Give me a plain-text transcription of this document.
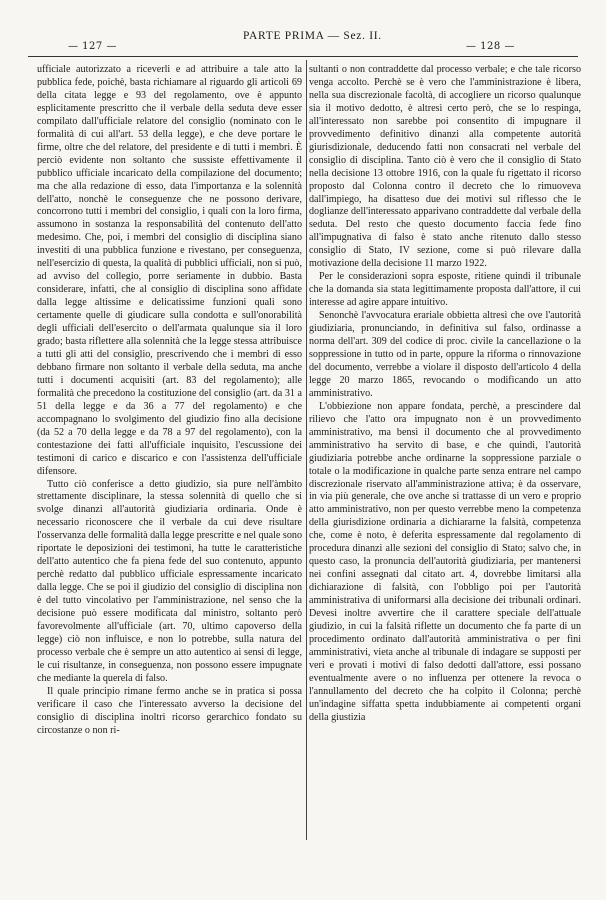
— 127 —
PARTE PRIMA — Sez. II.
— 128 —

ufficiale autorizzato a riceverli e ad attribuire a tale atto la pubblica fede, poichè, basta richiamare al riguardo gli articoli 69 della citata legge e 93 del regolamento, ove è appunto esplicitamente prescritto che il verbale della seduta deve esser compilato dall'ufficiale relatore del consiglio (nominato con le formalità di cui all'art. 53 della legge), e che deve portare le firme, oltre che del relatore, del presidente e di tutti i membri. È perciò evidente non soltanto che sussiste effettivamente il pubblico ufficiale incaricato della compilazione del documento; ma che alla redazione di esso, data l'importanza e la solennità dell'atto, nonchè le conseguenze che ne possono derivare, concorrono tutti i membri del consiglio, i quali con la loro firma, assumono in sostanza la responsabilità del contenuto dell'atto medesimo. Che, poi, i membri del consiglio di disciplina siano investiti di una pubblica funzione e rivestano, per conseguenza, nell'esercizio di questa, la qualità di pubblici ufficiali, non si può, ad avviso del collegio, porre seriamente in dubbio. Basta considerare, infatti, che al consiglio di disciplina sono affidate dalla legge altissime e delicatissime funzioni quali sono certamente quelle di giudicare sulla condotta e sull'onorabilità degli ufficiali dell'esercito o dell'armata qualunque sia il loro grado; basta riflettere alla solennità che la legge stessa attribuisce a tutti gli atti del consiglio, prescrivendo che i membri di esso debbano firmare non soltanto il verbale della seduta, ma anche tutti i documenti acquisiti (art. 83 del regolamento); alle formalità che precedono la costituzione del consiglio (art. da 31 a 51 della legge e da 36 a 77 del regolamento) e che accompagnano lo svolgimento del giudizio fino alla decisione (da 52 a 70 della legge e da 78 a 97 del regolamento), con la contestazione dei fatti all'ufficiale inquisito, l'escussione dei testimoni di carico e discarico e con l'assistenza dell'ufficiale difensore.

Tutto ciò conferisce a detto giudizio, sia pure nell'àmbito strettamente disciplinare, la stessa solennità di quello che si svolge dinanzi all'autorità giudiziaria ordinaria. Onde è necessario riconoscere che il verbale da cui deve risultare l'osservanza delle formalità dalla legge prescritte e nel quale sono riportate le deposizioni dei testimoni, ha tutte le caratteristiche dell'atto autentico che fa piena fede del suo contenuto, appunto perchè redatto dal pubblico ufficiale espressamente incaricato dalla legge. Che se poi il giudizio del consiglio di disciplina non è del tutto vincolativo per l'amministrazione, nel senso che la decisione può essere modificata dal ministro, soltanto però favorevolmente all'ufficiale (art. 70, ultimo capoverso della legge) ciò non influisce, e non lo potrebbe, sulla natura del processo verbale che è sempre un atto autentico ai sensi di legge, le cui risultanze, in conseguenza, non possono essere impugnate che mediante la querela di falso.

Il quale principio rimane fermo anche se in pratica si possa verificare il caso che l'interessato avverso la decisione del consiglio di disciplina inoltri ricorso gerarchico fondato su circostanze o non ri-

sultanti o non contraddette dal processo verbale; e che tale ricorso venga accolto. Perchè se è vero che l'amministrazione è libera, nella sua discrezionale facoltà, di accogliere un ricorso qualunque sia il motivo dedotto, è altresì certo però, che se lo respinga, all'interessato non sarebbe poi consentito di impugnare il provvedimento definitivo dinanzi alla competente autorità giurisdizionale, deducendo fatti non consacrati nel verbale del consiglio di disciplina. Tanto ciò è vero che il consiglio di Stato nella decisione 13 ottobre 1916, con la quale fu rigettato il ricorso proposto dal Colonna contro il decreto che lo rimuoveva dall'impiego, ha disatteso due dei motivi sul riflesso che le doglianze dell'interessato apparivano contraddette dal verbale della seduta. Del resto che questo documento faccia fede fino all'impugnativa di falso è stato anche ritenuto dallo stesso consiglio di Stato, IV sezione, come si può rilevare dalla motivazione della decisione 11 marzo 1922.

Per le considerazioni sopra esposte, ritiene quindi il tribunale che la domanda sia stata legittimamente proposta dall'attore, il cui interesse ad agire appare intuitivo.

Senonchè l'avvocatura erariale obbietta altresì che ove l'autorità giudiziaria, pronunciando, in definitiva sul falso, ordinasse a norma dell'art. 309 del codice di proc. civile la cancellazione o la soppressione in tutto od in parte, oppure la riforma o rinnovazione del documento, verrebbe a violare il disposto dell'articolo 4 della legge 20 marzo 1865, revocando o modificando un atto amministrativo.

L'obbiezione non appare fondata, perchè, a prescindere dal rilievo che l'atto ora impugnato non è un provvedimento amministrativo, ma bensì il documento che al provvedimento amministrativo ha servito di base, e che quindi, l'autorità giudiziaria potrebbe anche ordinarne la soppressione parziale o totale o la modificazione in qualche parte senza entrare nel campo discrezionale riservato all'amministrazione attiva; è da osservare, in via più generale, che ove anche si trattasse di un vero e proprio atto amministrativo, non per questo verrebbe meno la competenza della giurisdizione ordinaria a dichiararne la falsità, competenza che, come è noto, è deferita espressamente dal regolamento di procedura dinanzi alle sezioni del consiglio di Stato; salvo che, in questo caso, la pronuncia dell'autorità giudiziaria, per mantenersi nei confini assegnati dal citato art. 4, dovrebbe limitarsi alla dichiarazione di falsità, con l'obbligo poi per l'autorità amministrativa di uniformarsi alla decisione dei tribunali ordinari. Devesi inoltre avvertire che il carattere speciale dell'attuale giudizio, in cui la falsità riflette un documento che fa parte di un procedimento ordinato dall'autorità amministrativa o per fini amministrativi, vieta anche al tribunale di indagare se supposti per veri e provati i motivi di falso dedotti dall'attore, essi possano eventualmente avere o no influenza per ottenere la revoca o l'annullamento del decreto che ha colpito il Colonna; perchè un'indagine siffatta spetta indubbiamente ai competenti organi della giustizia
